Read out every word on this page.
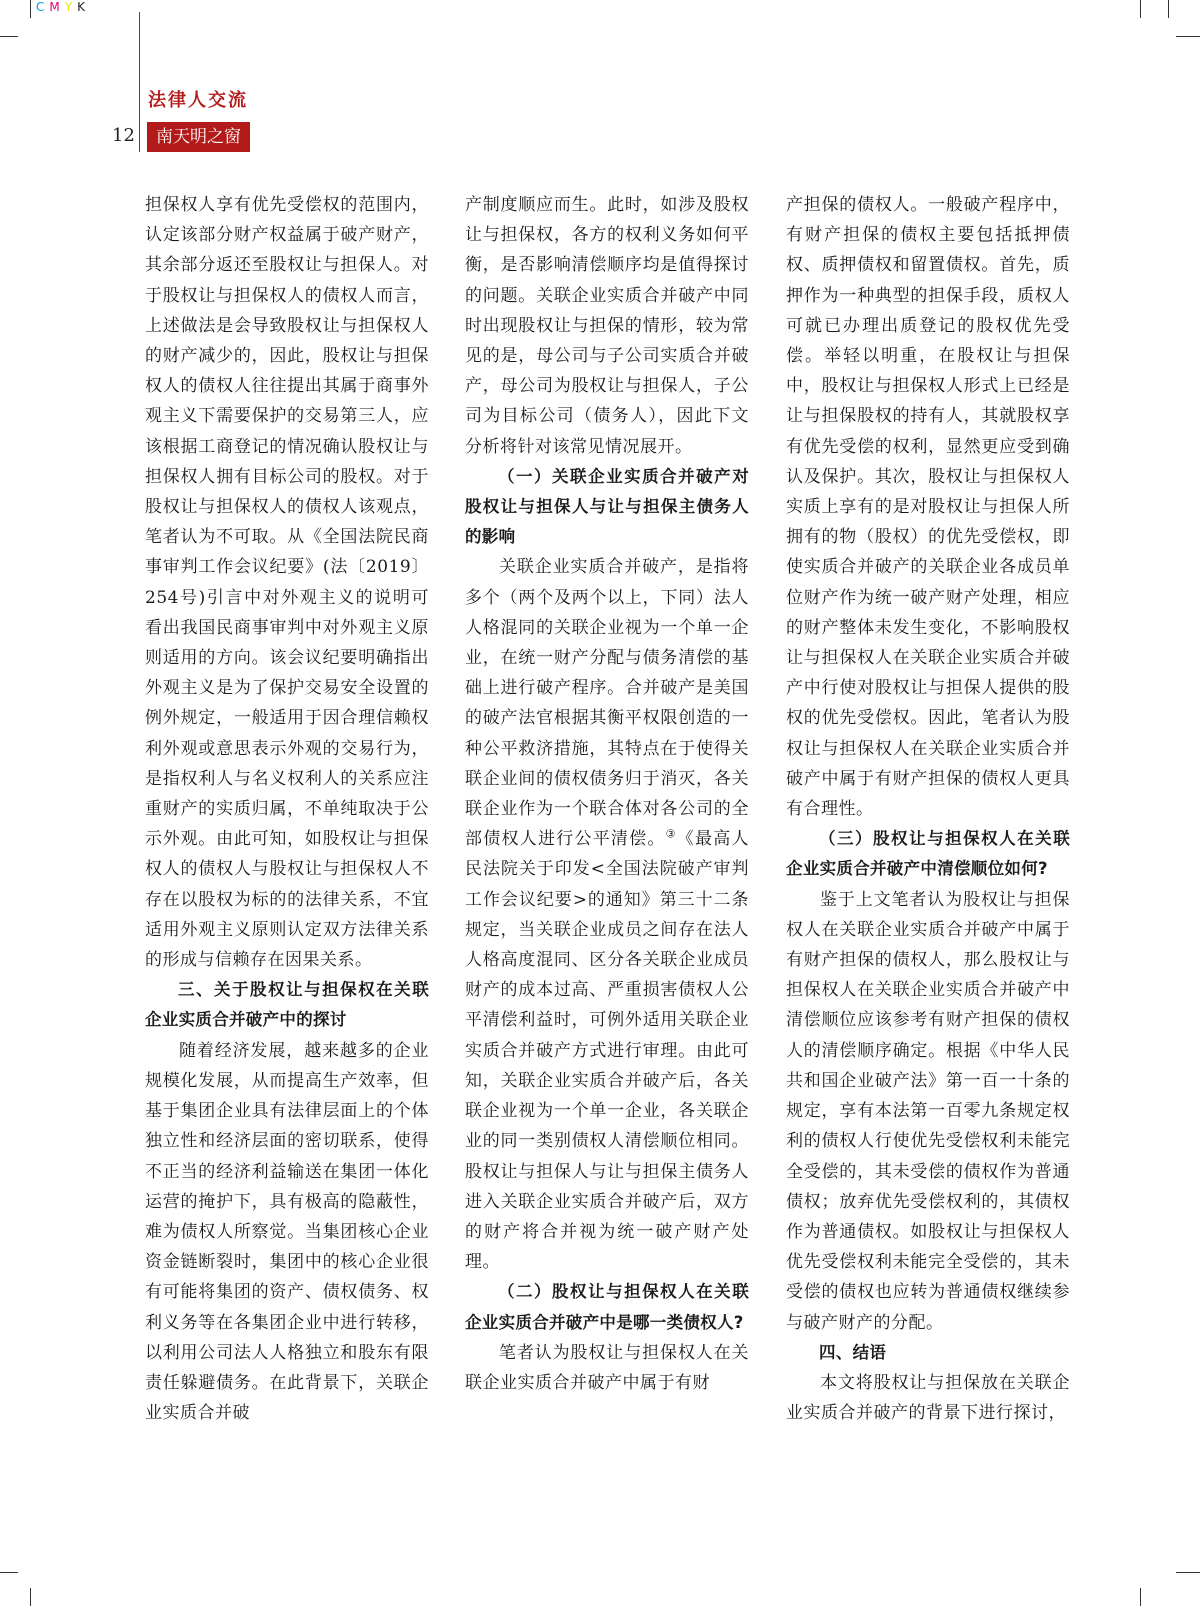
CMYK
法律人交流
12	南天明之窗

担保权人享有优先受偿权的范围内，认定该部分财产权益属于破产财产，其余部分返还至股权让与担保人。对于股权让与担保权人的债权人而言，上述做法是会导致股权让与担保权人的财产减少的，因此，股权让与担保权人的债权人往往提出其属于商事外观主义下需要保护的交易第三人，应该根据工商登记的情况确认股权让与担保权人拥有目标公司的股权。对于股权让与担保权人的债权人该观点，笔者认为不可取。从《全国法院民商事审判工作会议纪要》(法〔2019〕254号)引言中对外观主义的说明可看出我国民商事审判中对外观主义原则适用的方向。该会议纪要明确指出外观主义是为了保护交易安全设置的例外规定，一般适用于因合理信赖权利外观或意思表示外观的交易行为，是指权利人与名义权利人的关系应注重财产的实质归属，不单纯取决于公示外观。由此可知，如股权让与担保权人的债权人与股权让与担保权人不存在以股权为标的的法律关系，不宜适用外观主义原则认定双方法律关系的形成与信赖存在因果关系。

三、关于股权让与担保权在关联企业实质合并破产中的探讨

随着经济发展，越来越多的企业规模化发展，从而提高生产效率，但基于集团企业具有法律层面上的个体独立性和经济层面的密切联系，使得不正当的经济利益输送在集团一体化运营的掩护下，具有极高的隐蔽性，难为债权人所察觉。当集团核心企业资金链断裂时，集团中的核心企业很有可能将集团的资产、债权债务、权利义务等在各集团企业中进行转移，以利用公司法人人格独立和股东有限责任躲避债务。在此背景下，关联企业实质合并破

产制度顺应而生。此时，如涉及股权让与担保权，各方的权利义务如何平衡，是否影响清偿顺序均是值得探讨的问题。关联企业实质合并破产中同时出现股权让与担保的情形，较为常见的是，母公司与子公司实质合并破产，母公司为股权让与担保人，子公司为目标公司（债务人），因此下文分析将针对该常见情况展开。

（一）关联企业实质合并破产对股权让与担保人与让与担保主债务人的影响

关联企业实质合并破产，是指将多个（两个及两个以上，下同）法人人格混同的关联企业视为一个单一企业，在统一财产分配与债务清偿的基础上进行破产程序。合并破产是美国的破产法官根据其衡平权限创造的一种公平救济措施，其特点在于使得关联企业间的债权债务归于消灭，各关联企业作为一个联合体对各公司的全部债权人进行公平清偿。③《最高人民法院关于印发<全国法院破产审判工作会议纪要>的通知》第三十二条规定，当关联企业成员之间存在法人人格高度混同、区分各关联企业成员财产的成本过高、严重损害债权人公平清偿利益时，可例外适用关联企业实质合并破产方式进行审理。由此可知，关联企业实质合并破产后，各关联企业视为一个单一企业，各关联企业的同一类别债权人清偿顺位相同。股权让与担保人与让与担保主债务人进入关联企业实质合并破产后，双方的财产将合并视为统一破产财产处理。

（二）股权让与担保权人在关联企业实质合并破产中是哪一类债权人?

笔者认为股权让与担保权人在关联企业实质合并破产中属于有财

产担保的债权人。一般破产程序中，有财产担保的债权主要包括抵押债权、质押债权和留置债权。首先，质押作为一种典型的担保手段，质权人可就已办理出质登记的股权优先受偿。举轻以明重，在股权让与担保中，股权让与担保权人形式上已经是让与担保股权的持有人，其就股权享有优先受偿的权利，显然更应受到确认及保护。其次，股权让与担保权人实质上享有的是对股权让与担保人所拥有的物（股权）的优先受偿权，即使实质合并破产的关联企业各成员单位财产作为统一破产财产处理，相应的财产整体未发生变化，不影响股权让与担保权人在关联企业实质合并破产中行使对股权让与担保人提供的股权的优先受偿权。因此，笔者认为股权让与担保权人在关联企业实质合并破产中属于有财产担保的债权人更具有合理性。

（三）股权让与担保权人在关联企业实质合并破产中清偿顺位如何?

鉴于上文笔者认为股权让与担保权人在关联企业实质合并破产中属于有财产担保的债权人，那么股权让与担保权人在关联企业实质合并破产中清偿顺位应该参考有财产担保的债权人的清偿顺序确定。根据《中华人民共和国企业破产法》第一百一十条的规定，享有本法第一百零九条规定权利的债权人行使优先受偿权利未能完全受偿的，其未受偿的债权作为普通债权；放弃优先受偿权利的，其债权作为普通债权。如股权让与担保权人优先受偿权利未能完全受偿的，其未受偿的债权也应转为普通债权继续参与破产财产的分配。

四、结语

本文将股权让与担保放在关联企业实质合并破产的背景下进行探讨，
